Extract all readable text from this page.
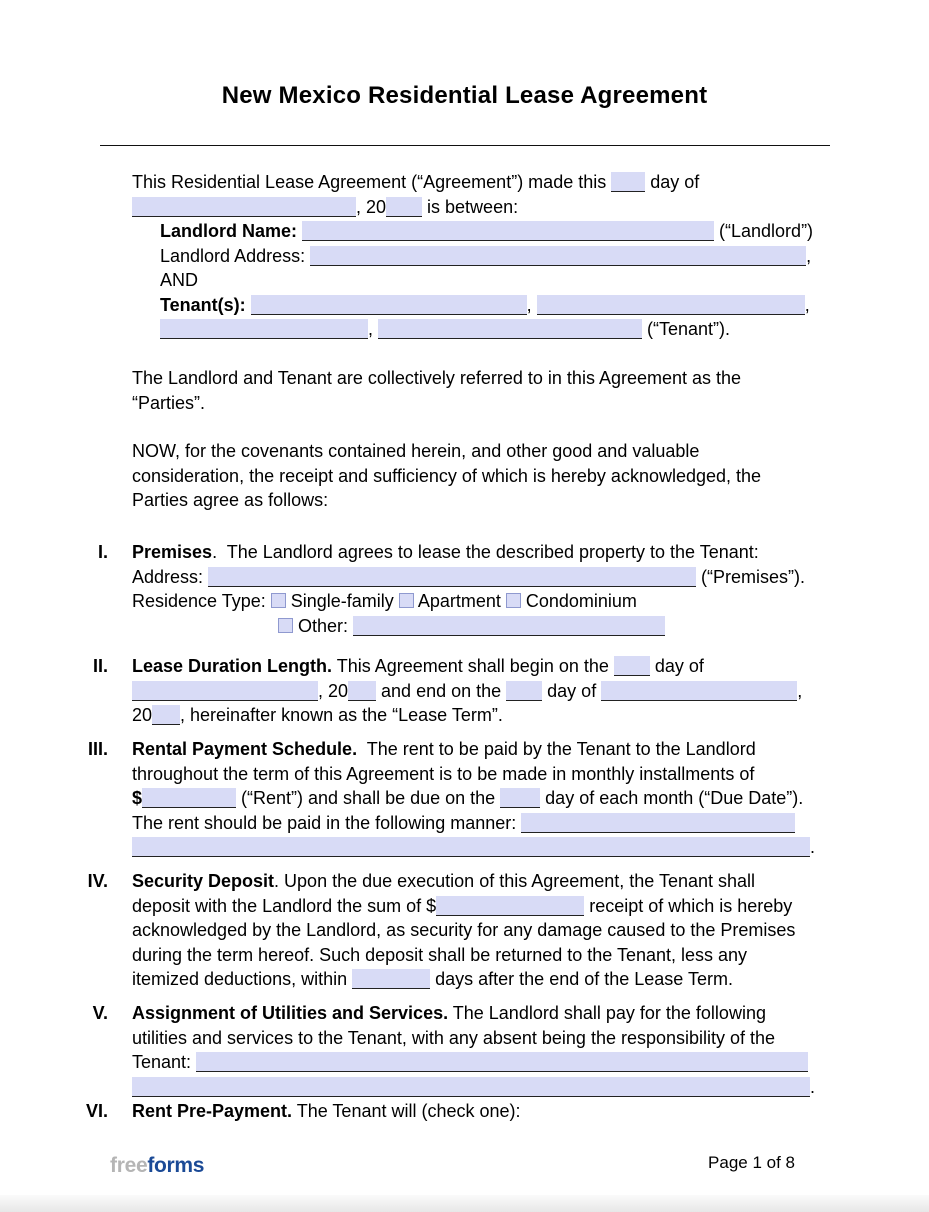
New Mexico Residential Lease Agreement
This Residential Lease Agreement (“Agreement”) made this  day of
, 20 is between:
Landlord Name:	(“Landlord”)
Landlord Address:	,
AND
Tenant(s):	,	,
,	(“Tenant”).
The Landlord and Tenant are collectively referred to in this Agreement as the
“Parties”.
NOW, for the covenants contained herein, and other good and valuable
consideration, the receipt and sufficiency of which is hereby acknowledged, the
Parties agree as follows:
I. Premises.  The Landlord agrees to lease the described property to the Tenant:
Address:	(“Premises”).
Residence Type:  Single-family  Apartment  Condominium
Other:
II. Lease Duration Length. This Agreement shall begin on the  day of
, 20 and end on the  day of	,
20 , hereinafter known as the “Lease Term”.
III. Rental Payment Schedule.  The rent to be paid by the Tenant to the Landlord
throughout the term of this Agreement is to be made in monthly installments of
$	(“Rent”) and shall be due on the  day of each month (“Due Date”).
The rent should be paid in the following manner:
.
IV. Security Deposit. Upon the due execution of this Agreement, the Tenant shall
deposit with the Landlord the sum of $	receipt of which is hereby
acknowledged by the Landlord, as security for any damage caused to the Premises
during the term hereof. Such deposit shall be returned to the Tenant, less any
itemized deductions, within	days after the end of the Lease Term.
V. Assignment of Utilities and Services. The Landlord shall pay for the following
utilities and services to the Tenant, with any absent being the responsibility of the
Tenant:
.
VI. Rent Pre-Payment. The Tenant will (check one):
freeforms	Page 1 of 8
